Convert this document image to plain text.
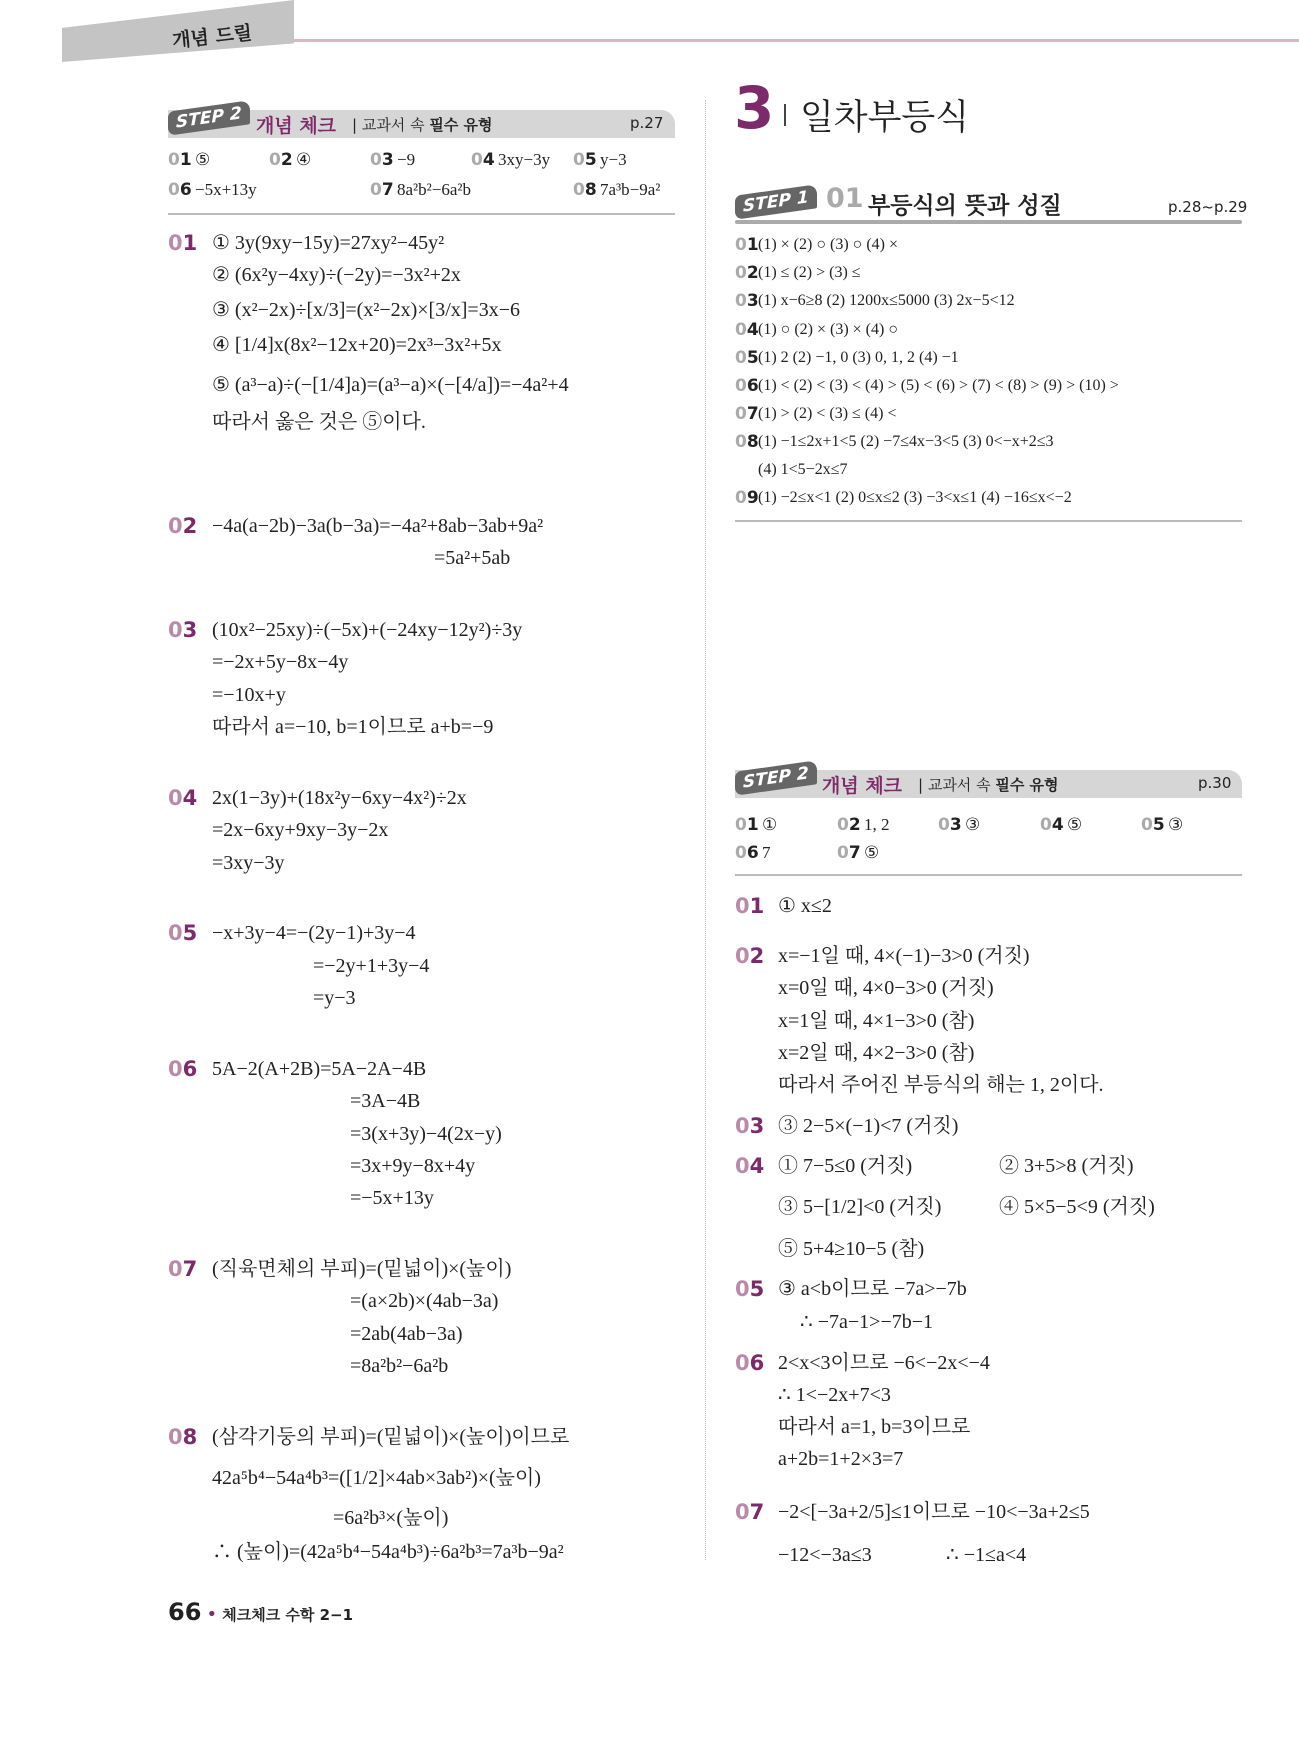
개념 드릴
STEP 2 개념 체크 | 교과서 속 필수 유형	p.27 3 일차부등식
STEP 1 01 부등식의 뜻과 성질	p.28~p.29
STEP 2 개념 체크 | 교과서 속 필수 유형	p.30
66 • 체크체크 수학 2−1
01 ⑤	02 ④	03 −9	04 3xy−3y 05 y−3
06 −5x+13y	07 8a²b²−6a²b	08 7a³b−9a²
01 ①	02 1, 2	03 ③	04 ⑤	05 ③
06 7	07 ⑤
01 (1) × (2) ○ (3) ○ (4) ×
02 (1) ≤ (2) > (3) ≤
03 (1) x−6≥8 (2) 1200x≤5000 (3) 2x−5<12
04 (1) ○ (2) × (3) × (4) ○
05 (1) 2 (2) −1, 0 (3) 0, 1, 2 (4) −1
06 (1) < (2) < (3) < (4) > (5) < (6) > (7) < (8) > (9) > (10) >
07 (1) > (2) < (3) ≤ (4) <
08 (1) −1≤2x+1<5 (2) −7≤4x−3<5 (3) 0<−x+2≤3
(4) 1<5−2x≤7
09 (1) −2≤x<1 (2) 0≤x≤2 (3) −3<x≤1 (4) −16≤x<−2
01 ① 3y(9xy−15y)=27xy²−45y²
② (6x²y−4xy)÷(−2y)=−3x²+2x
③ (x²−2x)÷[x/3]=(x²−2x)×[3/x]=3x−6
④ [1/4]x(8x²−12x+20)=2x³−3x²+5x
⑤ (a³−a)÷(−[1/4]a)=(a³−a)×(−[4/a])=−4a²+4
따라서 옳은 것은 ⑤이다.
02 −4a(a−2b)−3a(b−3a)=−4a²+8ab−3ab+9a²
=5a²+5ab
03 (10x²−25xy)÷(−5x)+(−24xy−12y²)÷3y
=−2x+5y−8x−4y
=−10x+y
따라서 a=−10, b=1이므로 a+b=−9
04 2x(1−3y)+(18x²y−6xy−4x²)÷2x
=2x−6xy+9xy−3y−2x
=3xy−3y
05 −x+3y−4=−(2y−1)+3y−4
=−2y+1+3y−4
=y−3
06 5A−2(A+2B)=5A−2A−4B
=3A−4B
=3(x+3y)−4(2x−y)
=3x+9y−8x+4y
=−5x+13y
07 (직육면체의 부피)=(밑넓이)×(높이)
=(a×2b)×(4ab−3a)
=2ab(4ab−3a)
=8a²b²−6a²b
08 (삼각기둥의 부피)=(밑넓이)×(높이)이므로
42a⁵b⁴−54a⁴b³=([1/2]×4ab×3ab²)×(높이)
=6a²b³×(높이)
∴ (높이)=(42a⁵b⁴−54a⁴b³)÷6a²b³=7a³b−9a²
01 ① x≤2
02 x=−1일 때, 4×(−1)−3>0 (거짓)
x=0일 때, 4×0−3>0 (거짓)
x=1일 때, 4×1−3>0 (참)
x=2일 때, 4×2−3>0 (참)
따라서 주어진 부등식의 해는 1, 2이다.
03 ③ 2−5×(−1)<7 (거짓)
04 ① 7−5≤0 (거짓)	② 3+5>8 (거짓)
③ 5−[1/2]<0 (거짓)	④ 5×5−5<9 (거짓)
⑤ 5+4≥10−5 (참)
05 ③ a<b이므로 −7a>−7b
∴ −7a−1>−7b−1
06 2<x<3이므로 −6<−2x<−4
∴ 1<−2x+7<3
따라서 a=1, b=3이므로
a+2b=1+2×3=7
07 −2<[−3a+2/5]≤1이므로 −10<−3a+2≤5
−12<−3a≤3	∴ −1≤a<4
